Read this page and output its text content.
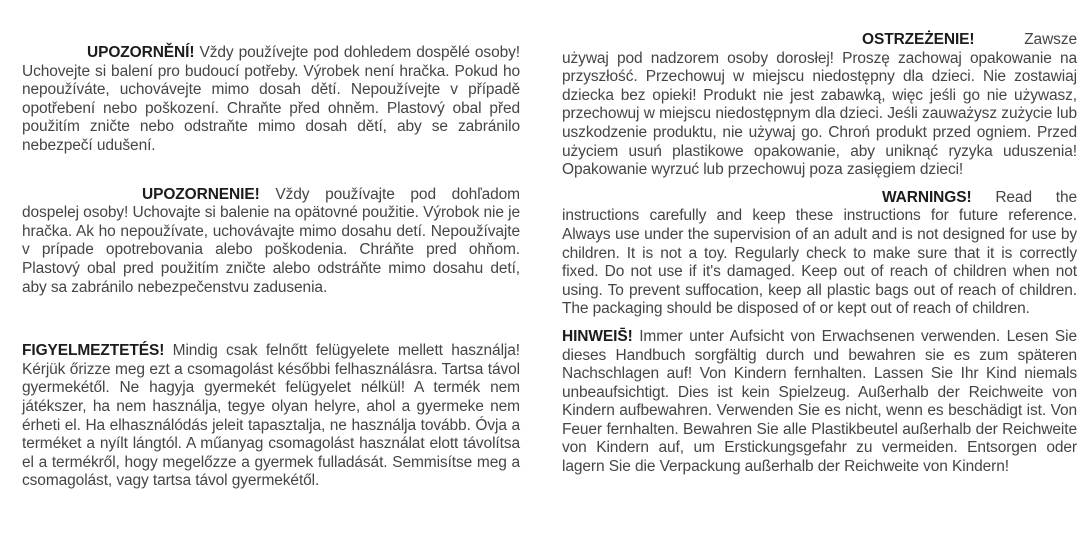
UPOZORNĚNÍ! Vždy používejte pod dohledem dospělé osoby! Uchovejte si balení pro budoucí potřeby. Výrobek není hračka. Pokud ho nepoužíváte, uchovávejte mimo dosah dětí. Nepoužívejte v případě opotřebení nebo poškození. Chraňte před ohněm. Plastový obal před použitím zničte nebo odstraňte mimo dosah dětí, aby se zabránilo nebezpečí udušení.

UPOZORNENIE! Vždy používajte pod dohľadom dospelej osoby! Uchovajte si balenie na opätovné použitie. Výrobok nie je hračka. Ak ho nepoužívate, uchovávajte mimo dosahu detí. Nepoužívajte v prípade opotrebovania alebo poškodenia. Chráňte pred ohňom. Plastový obal pred použitím zničte alebo odstráňte mimo dosahu detí, aby sa zabránilo nebezpečenstvu zadusenia.

FIGYELMEZTETÉS! Mindig csak felnőtt felügyelete mellett használja! Kérjük őrizze meg ezt a csomagolást későbbi felhasználásra. Tartsa távol gyermekétől. Ne hagyja gyermekét felügyelet nélkül! A termék nem játékszer, ha nem használja, tegye olyan helyre, ahol a gyermeke nem érheti el. Ha elhasználódás jeleit tapasztalja, ne használja tovább. Óvja a terméket a nyílt lángtól. A műanyag csomagolást használat elott távolítsa el a termékről, hogy megelőzze a gyermek fulladását. Semmisítse meg a csomagolást, vagy tartsa távol gyermekétől.

OSTRZEŻENIE!	Zawsze używaj pod nadzorem osoby dorosłej! Proszę zachowaj opakowanie na przyszłość. Przechowuj w miejscu niedostępny dla dzieci. Nie zostawiaj dziecka bez opieki! Produkt nie jest zabawką, więc jeśli go nie używasz, przechowuj w miejscu niedostępnym dla dzieci. Jeśli zauważysz zużycie lub uszkodzenie produktu, nie używaj go. Chroń produkt przed ogniem. Przed użyciem usuń plastikowe opakowanie, aby uniknąć ryzyka uduszenia! Opakowanie wyrzuć lub przechowuj poza zasięgiem dzieci!

WARNINGS! Read the instructions carefully and keep these instructions for future reference. Always use under the supervision of an adult and is not designed for use by children. It is not a toy. Regularly check to make sure that it is correctly fixed. Do not use if it's damaged. Keep out of reach of children when not using. To prevent suffocation, keep all plastic bags out of reach of children. The packaging should be disposed of or kept out of reach of children.

HINWEIS̄! Immer unter Aufsicht von Erwachsenen verwenden. Lesen Sie dieses Handbuch sorgfältig durch und bewahren sie es zum späteren Nachschlagen auf! Von Kindern fernhalten. Lassen Sie Ihr Kind niemals unbeaufsichtigt. Dies ist kein Spielzeug. Außerhalb der Reichweite von Kindern aufbewahren. Verwenden Sie es nicht, wenn es beschädigt ist. Von Feuer fernhalten. Bewahren Sie alle Plastikbeutel außerhalb der Reichweite von Kindern auf, um Erstickungsgefahr zu vermeiden. Entsorgen oder lagern Sie die Verpackung außerhalb der Reichweite von Kindern!
